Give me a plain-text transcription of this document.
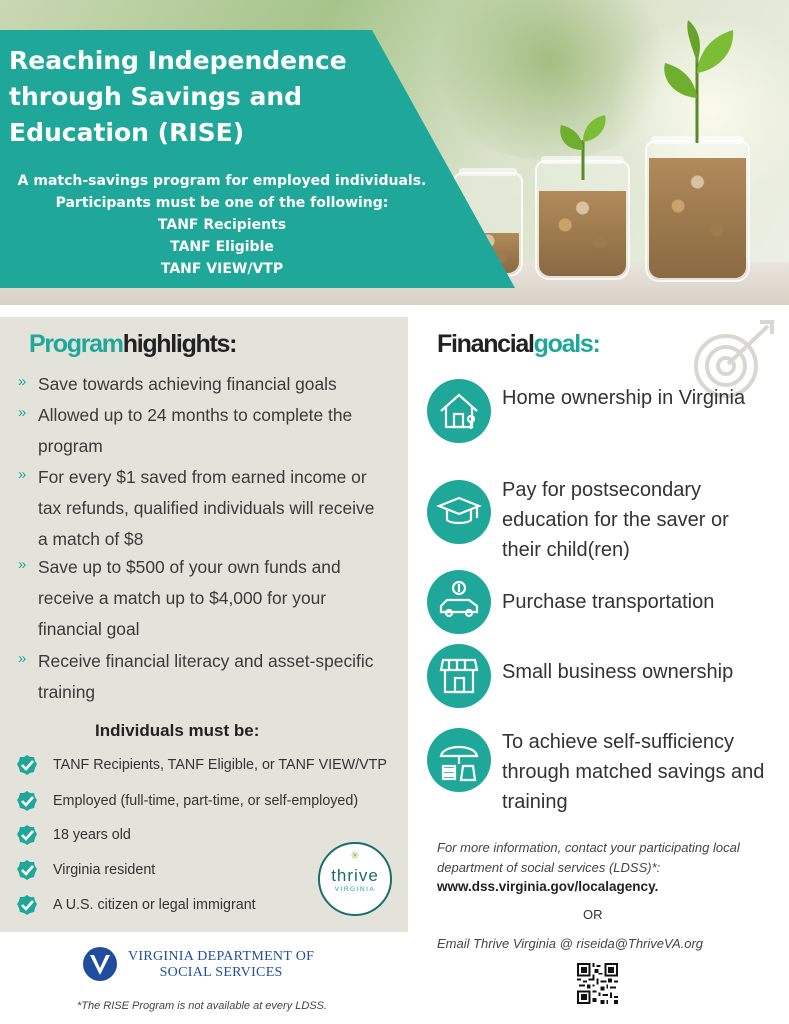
Reaching Independence through Savings and Education (RISE)
A match-savings program for employed individuals.
Participants must be one of the following:
TANF Recipients
TANF Eligible
TANF VIEW/VTP
Programhighlights:
» Save towards achieving financial goals
» Allowed up to 24 months to complete the program
» For every $1 saved from earned income or tax refunds, qualified individuals will receive a match of $8
» Save up to $500 of your own funds and receive a match up to $4,000 for your financial goal
» Receive financial literacy and asset-specific training
Individuals must be:
TANF Recipients, TANF Eligible, or TANF VIEW/VTP
Employed (full-time, part-time, or self-employed)
18 years old
Virginia resident
A U.S. citizen or legal immigrant
✳
thrive
VIRGINIA
Financialgoals:
Home ownership in Virginia
Pay for postsecondary education for the saver or their child(ren)
Purchase transportation
Small business ownership
To achieve self-sufficiency through matched savings and training
For more information, contact your participating local department of social services (LDSS)*:
www.dss.virginia.gov/localagency.
OR
Email Thrive Virginia @ riseida@ThriveVA.org
VIRGINIA DEPARTMENT OF
SOCIAL SERVICES
*The RISE Program is not available at every LDSS.
